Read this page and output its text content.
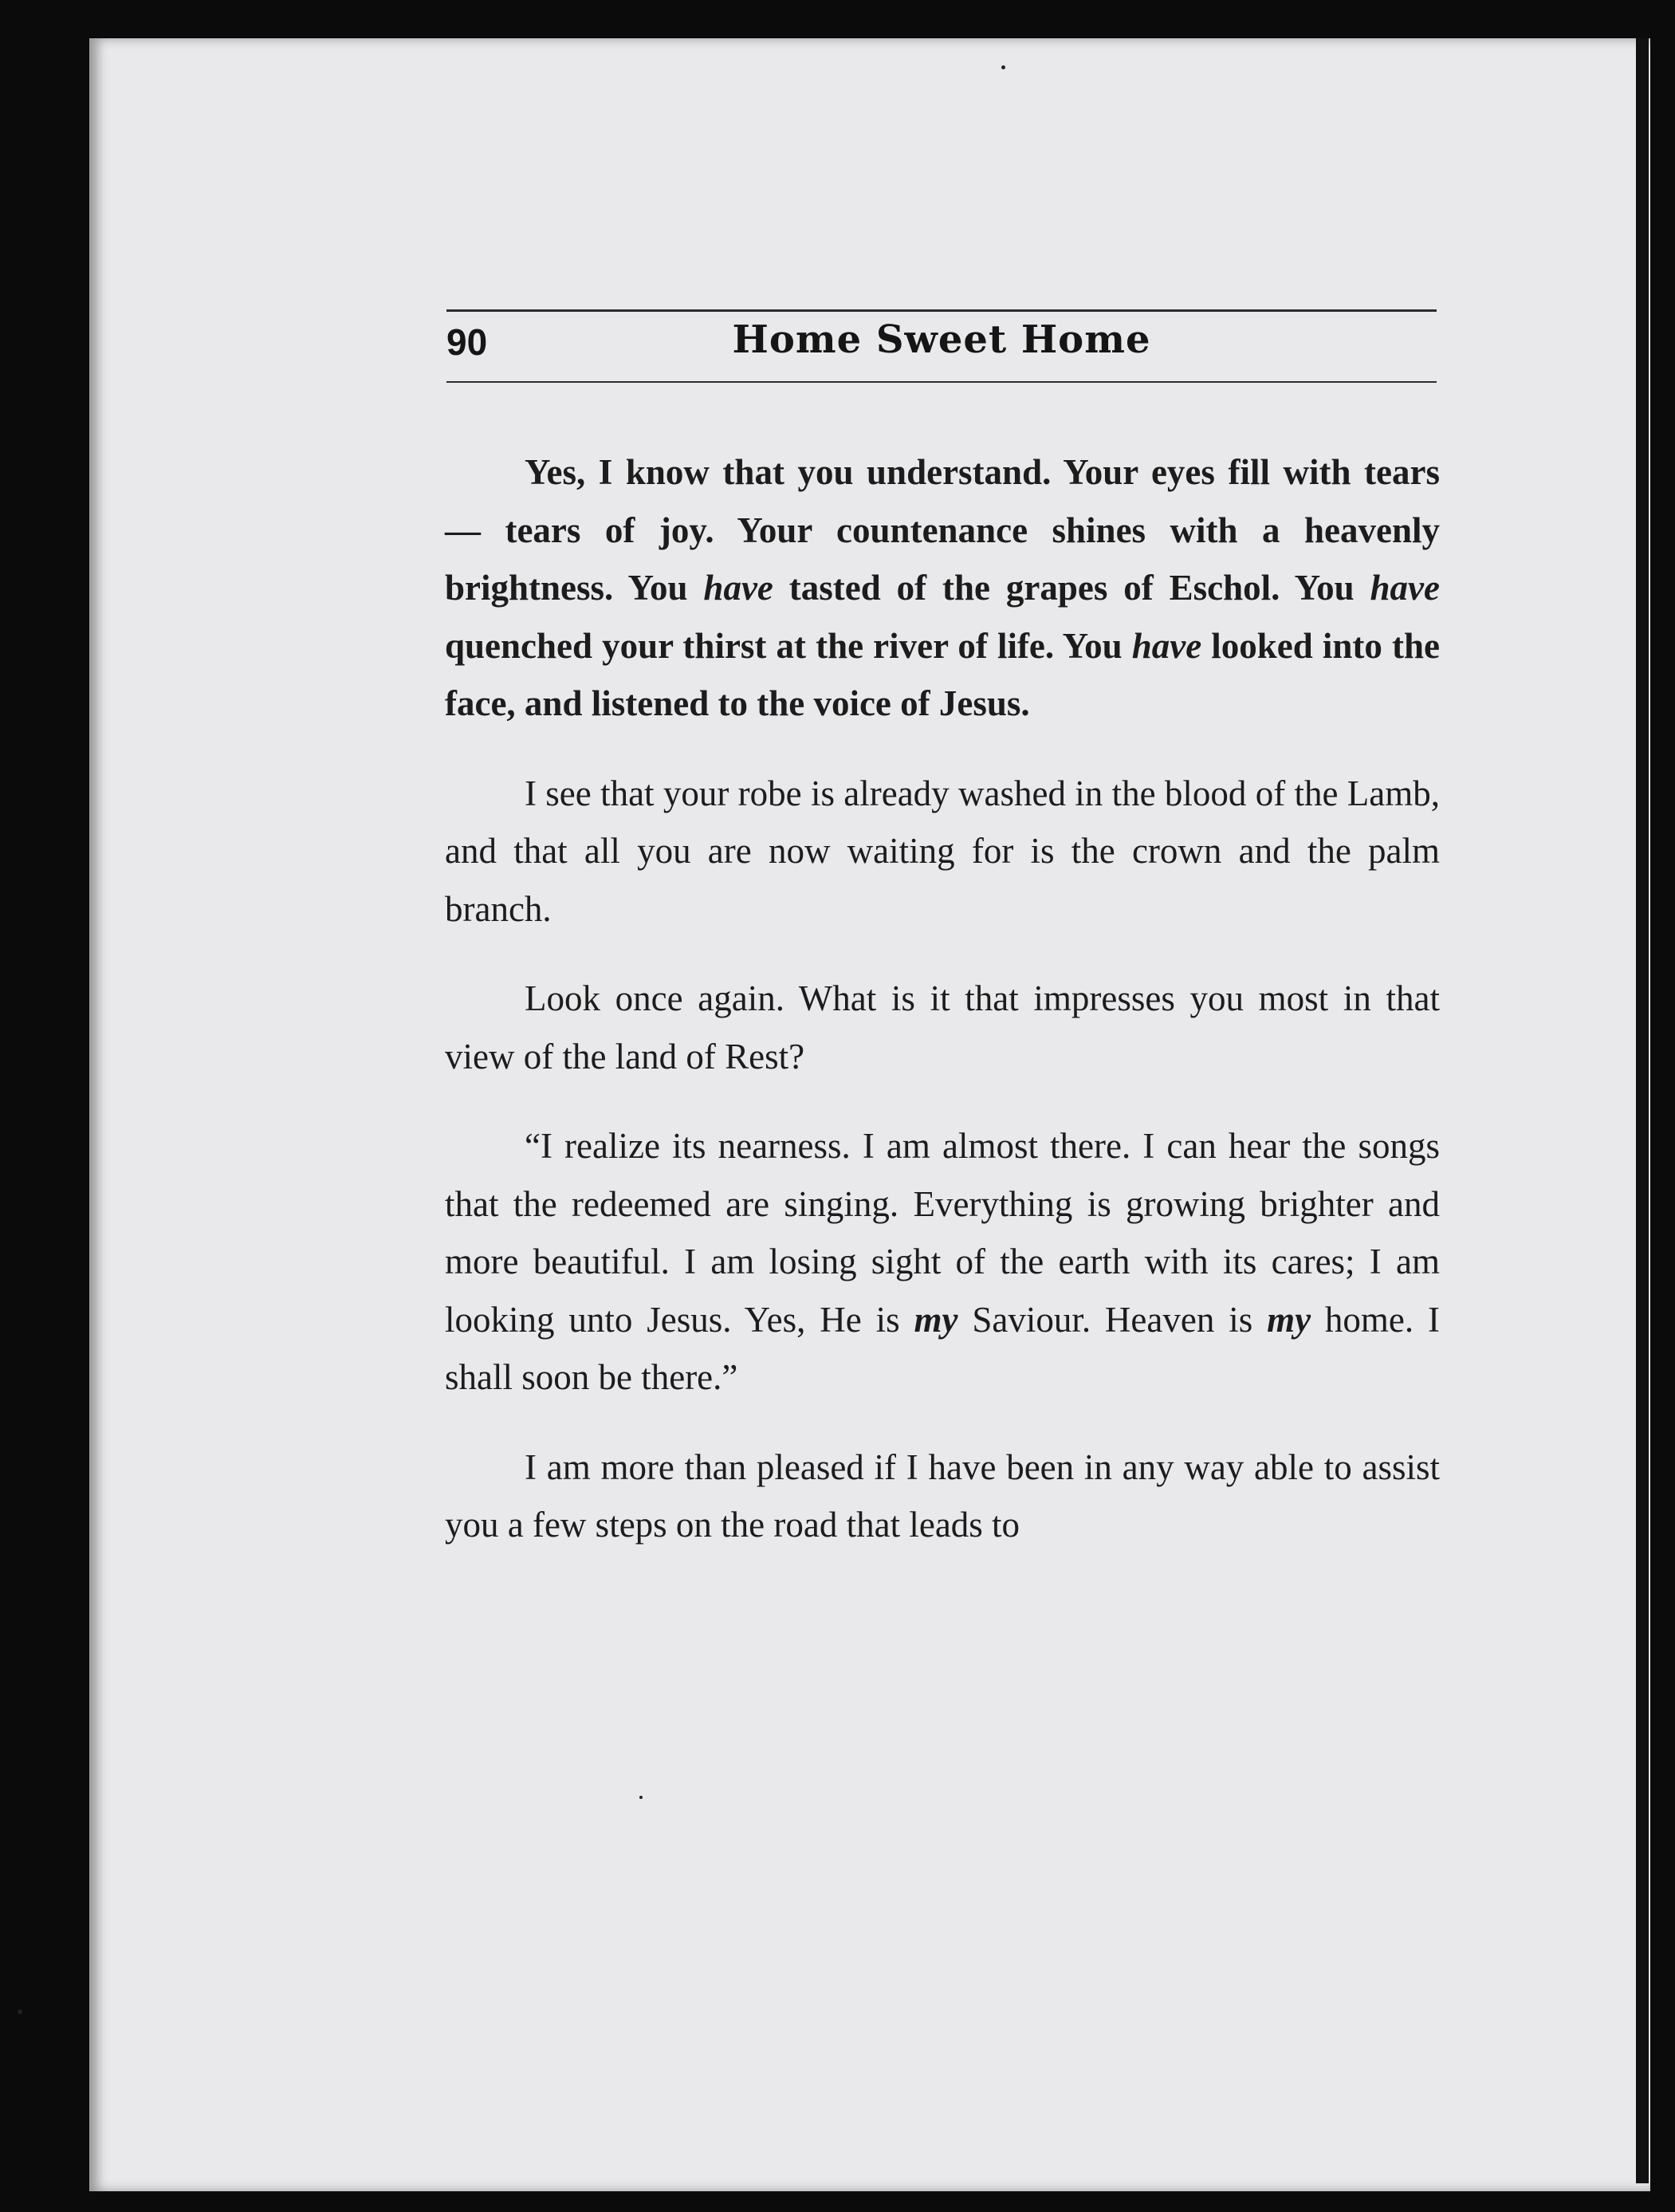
90	Home Sweet Home

Yes, I know that you understand. Your eyes fill with tears — tears of joy. Your countenance shines with a heavenly brightness. You have tasted of the grapes of Eschol. You have quenched your thirst at the river of life. You have looked into the face, and listened to the voice of Jesus.

I see that your robe is already washed in the blood of the Lamb, and that all you are now waiting for is the crown and the palm branch.

Look once again. What is it that impresses you most in that view of the land of Rest?

“I realize its nearness. I am almost there. I can hear the songs that the redeemed are singing. Everything is growing brighter and more beautiful. I am losing sight of the earth with its cares; I am looking unto Jesus. Yes, He is my Saviour. Heaven is my home. I shall soon be there.”

I am more than pleased if I have been in any way able to assist you a few steps on the road that leads to
